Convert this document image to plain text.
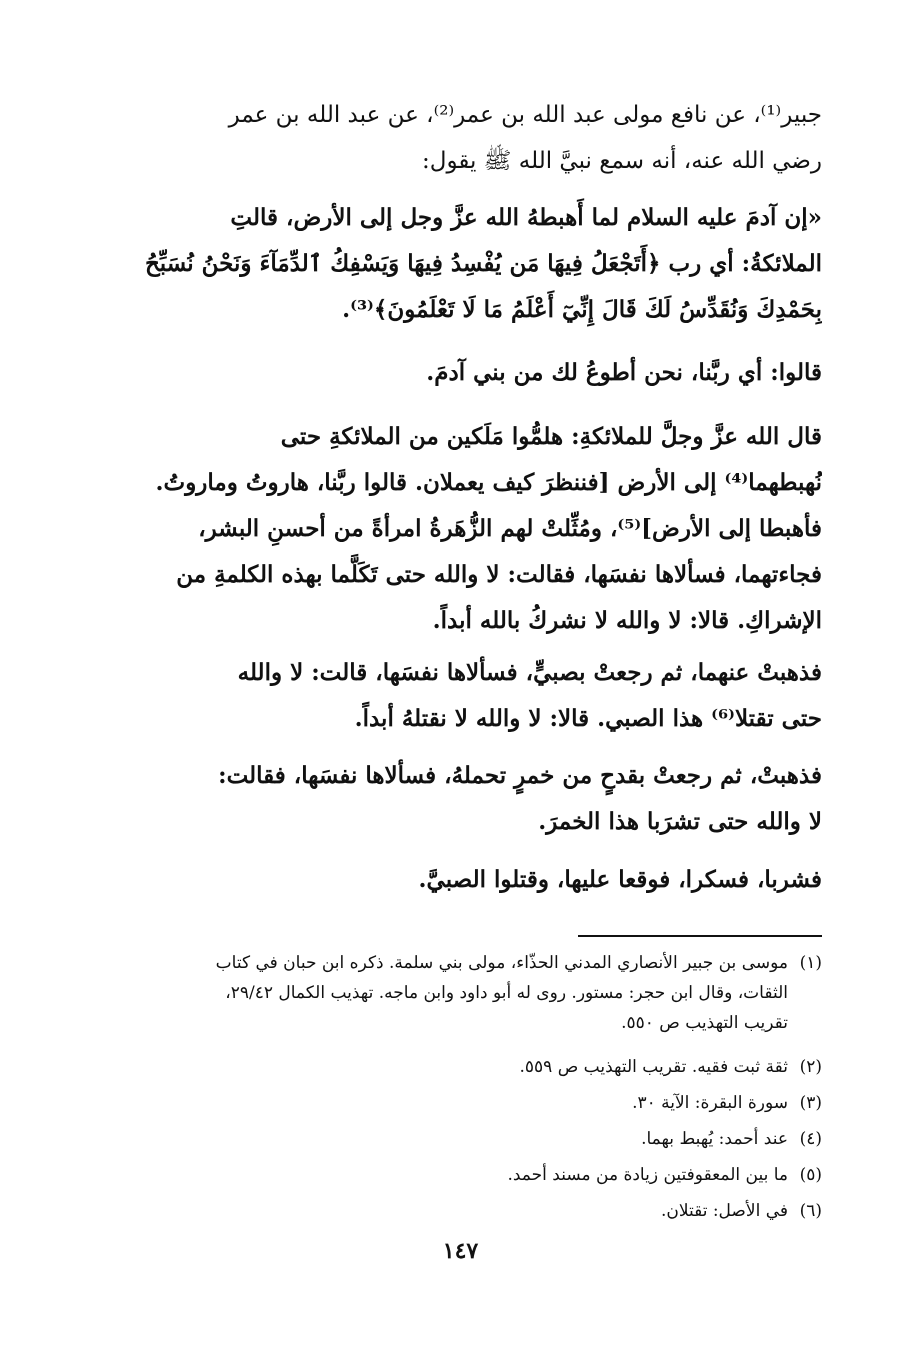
جبير⁽¹⁾، عن نافع مولى عبد الله بن عمر⁽²⁾، عن عبد الله بن عمر
رضي الله عنه، أنه سمع نبيَّ الله ﷺ يقول:
«إن آدمَ عليه السلام لما أَهبطهُ الله عزَّ وجل إلى الأرض، قالتِ
الملائكةُ: أي رب ﴿أَتَجْعَلُ فِيهَا مَن يُفْسِدُ فِيهَا وَيَسْفِكُ ٱلدِّمَآءَ وَنَحْنُ نُسَبِّحُ
بِحَمْدِكَ وَنُقَدِّسُ لَكَ قَالَ إِنِّيٓ أَعْلَمُ مَا لَا تَعْلَمُونَ﴾⁽³⁾.
قالوا: أي ربَّنا، نحن أطوعُ لك من بني آدمَ.
قال الله عزَّ وجلَّ للملائكةِ: هلمُّوا مَلَكين من الملائكةِ حتى
نُهبطهما⁽⁴⁾ إلى الأرض [فننظرَ كيف يعملان. قالوا ربَّنا، هاروتُ وماروتُ.
فأهبطا إلى الأرض]⁽⁵⁾، ومُثِّلتْ لهم الزُّهَرةُ امرأةً من أحسنِ البشر،
فجاءتهما، فسألاها نفسَها، فقالت: لا والله حتى تَكَلَّما بهذه الكلمةِ من
الإشراكِ. قالا: لا والله لا نشركُ بالله أبداً.
فذهبتْ عنهما، ثم رجعتْ بصبيٍّ، فسألاها نفسَها، قالت: لا والله
حتى تقتلا⁽⁶⁾ هذا الصبي. قالا: لا والله لا نقتلهُ أبداً.
فذهبتْ، ثم رجعتْ بقدحٍ من خمرٍ تحملهُ، فسألاها نفسَها، فقالت:
لا والله حتى تشرَبا هذا الخمرَ.
فشربا، فسكرا، فوقعا عليها، وقتلوا الصبيَّ.
(١)موسى بن جبير الأنصاري المدني الحذّاء، مولى بني سلمة. ذكره ابن حبان في كتاب
الثقات، وقال ابن حجر: مستور. روى له أبو داود وابن ماجه. تهذيب الكمال ٢٩/٤٢،
تقريب التهذيب ص ٥٥٠.
(٢)ثقة ثبت فقيه. تقريب التهذيب ص ٥٥٩.
(٣)سورة البقرة: الآية ٣٠.
(٤)عند أحمد: يُهبط بهما.
(٥)ما بين المعقوفتين زيادة من مسند أحمد.
(٦)في الأصل: تقتلان.
١٤٧
